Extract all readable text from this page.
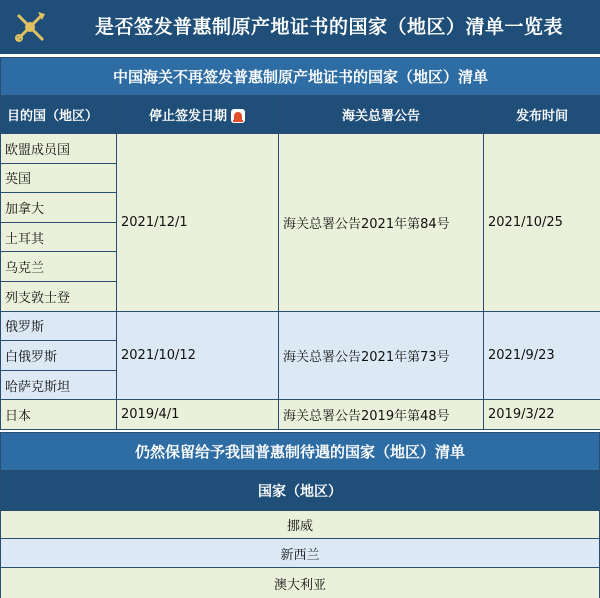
是否签发普惠制原产地证书的国家（地区）清单一览表
中国海关不再签发普惠制原产地证书的国家（地区）清单			
目的国（地区）	停止签发日期	海关总署公告	发布时间
欧盟成员国	2021/12/1	海关总署公告2021年第84号	2021/10/25
英国			
加拿大			
土耳其			
乌克兰			
列支敦士登			
俄罗斯	2021/10/12	海关总署公告2021年第73号	2021/9/23
白俄罗斯			
哈萨克斯坦			
日本	2019/4/1	海关总署公告2019年第48号	2019/3/22
仍然保留给予我国普惠制待遇的国家（地区）清单
国家（地区）
挪威
新西兰
澳大利亚
